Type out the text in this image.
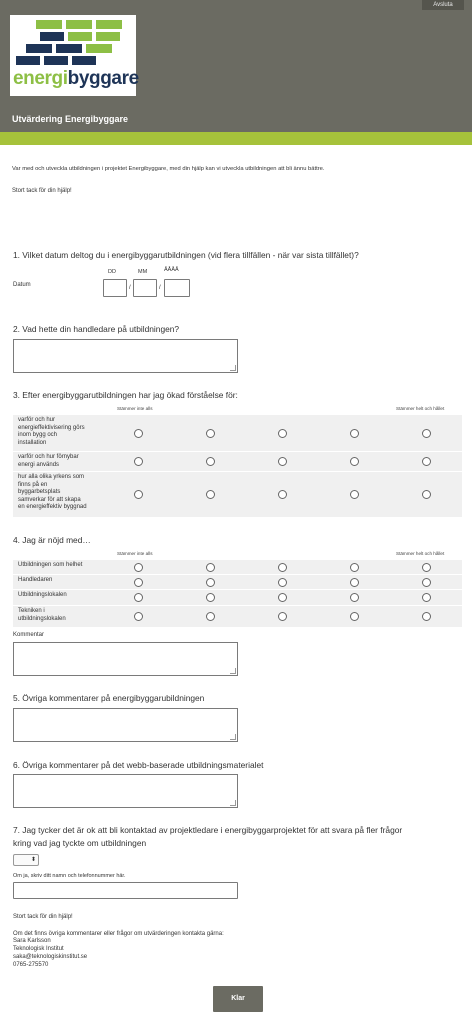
Avsluta
energibyggare
Utvärdering Energibyggare
Var med och utveckla utbildningen i projektet Energibyggare, med din hjälp kan vi utveckla utbildningen att bli ännu bättre.
Stort tack för din hjälp!
1. Vilket datum deltog du i energibyggarutbildningen (vid flera tillfällen - när var sista tillfället)?
DD	MM	ÅÅÅÅ
Datum	/	/
2. Vad hette din handledare på utbildningen?
3. Efter energibyggarutbildningen har jag ökad förståelse för:
Stämmer inte alls	Stämmer helt och hållet
varför och hur
energieffektivisering görs
inom bygg och
installation
varför och hur förnybar
energi används
hur alla olika yrkens som
finns på en
byggarbetsplats
samverkar för att skapa
en energieffektiv byggnad
4. Jag är nöjd med…
Stämmer inte alls	Stämmer helt och hållet
Utbildningen som helhet
Handledaren
Utbildningslokalen
Tekniken i
utbildningslokalen
Kommentar
5. Övriga kommentarer på energibyggarubildningen
6. Övriga kommentarer på det webb-baserade utbildningsmaterialet
7. Jag tycker det är ok att bli kontaktad av projektledare i energibyggarprojektet för att svara på fler frågor
kring vad jag tyckte om utbildningen
⬍
Om ja, skriv ditt namn och telefonnummer här.
Stort tack för din hjälp!
Om det finns övriga kommentarer eller frågor om utvärderingen kontakta gärna:
Sara Karlsson
Teknologisk Institut
saka@teknologiskinstitut.se
0765-275570
Klar
